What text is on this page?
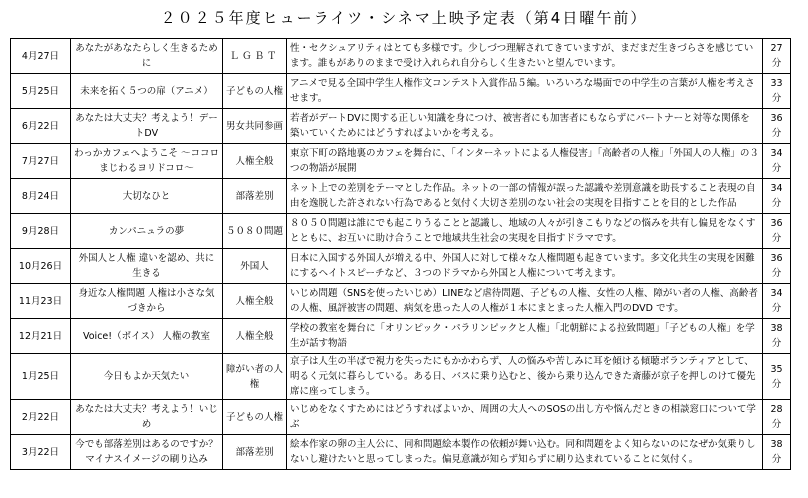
２０２５年度ヒューライツ・シネマ上映予定表（第4日曜午前）
4月27日	あなたがあなたらしく生きるために	ＬＧＢＴ	性・セクシュアリティはとても多様です。少しづつ理解されてきていますが、まだまだ生きづらさを感じています。誰もがありのままで受け入れられ自分らしく生きたいと望んでいます。	27分
5月25日	未来を拓く５つの扉（アニメ）	子どもの人権	アニメで見る全国中学生人権作文コンテスト入賞作品５編。いろいろな場面での中学生の言葉が人権を考えさせます。	33分
6月22日	あなたは大丈夫？考えよう！デートDV	男女共同参画	若者がデートDVに関する正しい知識を身につけ、被害者にも加害者にもならずにパートナーと対等な関係を築いていくためにはどうすればよいかを考える。	36分
7月27日	わっかカフェへようこそ ～ココロまじわるヨリドコロ～	人権全般	東京下町の路地裏のカフェを舞台に、「インターネットによる人権侵害」「高齢者の人権」「外国人の人権」の３つの物語が展開	34分
8月24日	大切なひと	部落差別	ネット上での差別をテーマとした作品。ネットの一部の情報が誤った認識や差別意識を助長すること表現の自由を逸脱した許されない行為であると気付く大切さ差別のない社会の実現を目指すことを目的とした作品	34分
9月28日	カンパニュラの夢	５０８０問題	８０５０問題は誰にでも起こりうることと認識し、地域の人々が引きこもりなどの悩みを共有し偏見をなくすとともに、お互いに助け合うことで地域共生社会の実現を目指すドラマです。	36分
10月26日	外国人と人権 違いを認め、共に生きる	外国人	日本に入国する外国人が増える中、外国人に対して様々な人権問題も起きています。多文化共生の実現を困難にするヘイトスピーチなど、３つのドラマから外国と人権について考えます。	36分
11月23日	身近な人権問題 人権は小さな気づきから	人権全般	いじめ問題（SNSを使ったいじめ）LINEなど虐待問題、子どもの人権、女性の人権、障がい者の人権、高齢者の人権、風評被害の問題、病気を患った人の人権が１本にまとまった人権入門のDVD です。	34分
12月21日	Voice!（ボイス） 人権の教室	人権全般	学校の教室を舞台に「オリンピック・パラリンピックと人権」「北朝鮮による拉致問題」「子どもの人権」を学生が話す物語	38分
1月25日	今日もよか天気たい	障がい者の人権	京子は人生の半ばで視力を失ったにもかかわらず、人の悩みや苦しみに耳を傾ける傾聴ボランティアとして、明るく元気に暮らしている。ある日、バスに乗り込むと、後から乗り込んできた斎藤が京子を押しのけて優先席に座ってしまう。	35分
2月22日	あなたは大丈夫？考えよう！いじめ	子どもの人権	いじめをなくすためにはどうすればよいか、周囲の大人へのSOSの出し方や悩んだときの相談窓口について学ぶ	28分
3月22日	今でも部落差別はあるのですか？ マイナスイメージの刷り込み	部落差別	絵本作家の卵の主人公に、同和問題絵本製作の依頼が舞い込む。同和問題をよく知らないのになぜか気乗りしないし避けたいと思ってしまった。偏見意識が知らず知らずに刷り込まれていることに気付く。	38分
